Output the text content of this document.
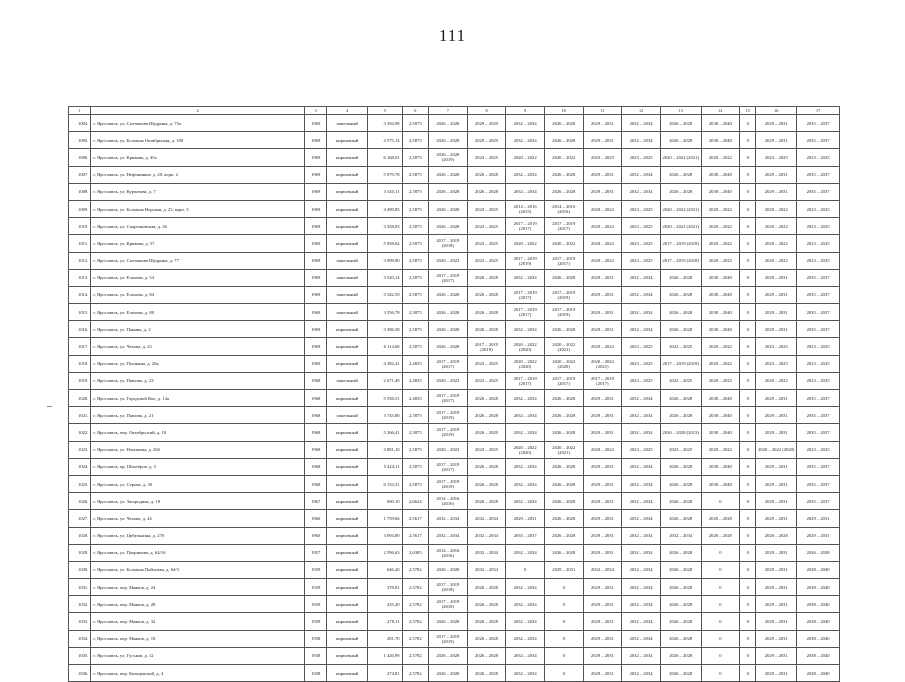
111
1	2	3	4	5	6	7	8	9	10	11	12	13	14	15	16	17
1004.	г. Ярославль, ул. Салтыкова-Щедрина, д. 75а	1969	панельный	3 594,98	2,5875	2026 – 2028	2029 – 2029	2032 – 2034	2026 – 2028	2029 – 2031	2032 – 2034	2026 – 2028	2038 – 2040	0	2029 – 2031	2035 – 2037
1005.	г. Ярославль, ул. Большая Октябрьская, д. 100	1969	кирпичный	4 575,14	2,5875	2026 – 2028	2029 – 2029	2032 – 2034	2026 – 2028	2029 – 2031	2032 – 2034	2026 – 2028	2038 – 2040	0	2029 – 2031	2035 – 2037
1006.	г. Ярославль, ул. Кривова, д. 45а	1969	кирпичный	6 168,01	2,5875	2026 – 2028 (2019)	2023 – 2025	2020 – 2022	2020 – 2022	2023 – 2025	2023 – 2025	2020 – 2022 (2021)	2020 – 2022	0	2023 – 2025	2023 – 2025
1007.	г. Ярославль, ул. Нефтяников, д. 20, корп. 2	1969	кирпичный	5 079,78	2,5875	2026 – 2028	2026 – 2028	2032 – 2034	2026 – 2028	2029 – 2031	2032 – 2034	2026 – 2028	2038 – 2040	0	2029 – 2031	2035 – 2037
1008.	г. Ярославль, ул. Курчатова, д. 7	1969	кирпичный	3 345,11	2,5875	2026 – 2028	2026 – 2028	2032 – 2034	2026 – 2028	2029 – 2031	2032 – 2034	2026 – 2028	2038 – 2040	0	2029 – 2031	2035 – 2037
1009.	г. Ярославль, ул. Большая Норская, д. 23, корп. 3	1969	кирпичный	4 490,85	2,5875	2026 – 2028	2023 – 2025	2014 – 2016 (2015)	2014 – 2016 (2016)	2020 – 2022	2023 – 2025	2020 – 2022 (2021)	2020 – 2022	0	2020 – 2022	2023 – 2025
1010.	г. Ярославль, ул. Спартаковская, д. 36	1969	кирпичный	3 358,03	2,5875	2026 – 2028	2023 – 2025	2017 – 2019 (2017)	2017 – 2019 (2017)	2020 – 2022	2023 – 2025	2020 – 2022 (2021)	2020 – 2022	0	2020 – 2022	2023 – 2025
1011.	г. Ярославль, ул. Кривова, д. 57	1969	кирпичный	5 958,62	2,5875	2017 – 2019 (2018)	2023 – 2025	2020 – 2022	2020 – 2022	2020 – 2022	2023 – 2025	2017 – 2019 (2018)	2020 – 2022	0	2020 – 2022	2023 – 2025
1012.	г. Ярославль, ул. Салтыкова-Щедрина, д. 77	1969	панельный	3 999,90	2,5875	2020 – 2022	2023 – 2025	2017 – 2019 (2019)	2017 – 2019 (2017)	2020 – 2022	2023 – 2025	2017 – 2019 (2018)	2020 – 2022	0	2020 – 2022	2023 – 2025
1013.	г. Ярославль, ул. Елохова, д. 54	1969	панельный	3 520,14	2,5875	2017 – 2019 (2017)	2026 – 2028	2032 – 2034	2026 – 2028	2029 – 2031	2032 – 2034	2026 – 2028	2038 – 2040	0	2029 – 2031	2035 – 2037
1014.	г. Ярославль, ул. Елохова, д. 84	1969	панельный	3 542,59	2,5875	2026 – 2028	2026 – 2028	2017 – 2019 (2017)	2017 – 2019 (2019)	2029 – 2031	2032 – 2034	2026 – 2028	2038 – 2040	0	2029 – 2031	2035 – 2037
1015.	г. Ярославль, ул. Елохова, д. 80	1969	панельный	3 556,78	2,5875	2026 – 2028	2026 – 2028	2017 – 2019 (2017)	2017 – 2019 (2019)	2029 – 2031	2032 – 2034	2026 – 2028	2038 – 2040	0	2029 – 2031	2035 – 2037
1016.	г. Ярославль, ул. Панина, д. 2	1969	кирпичный	3 386,58	2,5875	2026 – 2028	2026 – 2028	2032 – 2034	2026 – 2028	2029 – 2031	2032 – 2034	2026 – 2028	2038 – 2040	0	2029 – 2031	2035 – 2037
1017.	г. Ярославль, ул. Чехова, д. 23	1969	кирпичный	6 114,68	2,5875	2026 – 2028	2017 – 2019 (2018)	2020 – 2022 (2020)	2020 – 2022 (2021)	2020 – 2022	2023 – 2025	2023 – 2025	2020 – 2022	0	2023 – 2025	2023 – 2025
1018.	г. Ярославль, ул. Пушкина, д. 26а	1969	кирпичный	4 382,41	2,4835	2017 – 2019 (2017)	2023 – 2025	2020 – 2022 (2020)	2020 – 2022 (2020)	2020 – 2022 (2021)	2023 – 2025	2017 – 2019 (2019)	2020 – 2022	0	2023 – 2025	2023 – 2025
1019.	г. Ярославль, ул. Пашова, д. 23	1968	панельный	2 671,49	2,4835	2020 – 2022	2023 – 2025	2017 – 2019 (2017)	2017 – 2019 (2017)	2017 – 2019 (2017)	2023 – 2025	2023 – 2025	2020 – 2022	0	2020 – 2022	2023 – 2025
1020.	г. Ярославль, ул. Городской Вал, д. 14а	1968	кирпичный	5 556,51	2,4835	2017 – 2019 (2017)	2026 – 2028	2032 – 2034	2026 – 2028	2029 – 2031	2032 – 2034	2026 – 2028	2038 – 2040	0	2029 – 2031	2035 – 2037
1021.	г. Ярославль, ул. Пашова, д. 21	1968	панельный	3 743,80	2,5875	2017 – 2019 (2019)	2026 – 2028	2032 – 2034	2026 – 2028	2029 – 2031	2032 – 2034	2026 – 2028	2038 – 2040	0	2029 – 2031	2035 – 2037
1022.	г. Ярославль, пер. Октябрьский, д. 18	1968	кирпичный	5 266,41	2,5875	2017 – 2019 (2019)	2026 – 2029	2032 – 2034	2026 – 2028	2029 – 2031	2032 – 2034	2026 – 2028 (2013)	2038 – 2040	0	2029 – 2031	2035 – 2037
1023.	г. Ярославль, ул. Нахимова, д. 26б	1968	кирпичный	4 881,10	2,5875	2020 – 2022	2023 – 2025	2020 – 2022 (2020)	2020 – 2022 (2021)	2020 – 2022	2023 – 2025	2023 – 2025	2020 – 2022	0	2020 – 2022 (2020)	2023 – 2025
1024.	г. Ярославль, пр. Шахтёров, д. 5	1968	кирпичный	5 424,11	2,5875	2017 – 2019 (2017)	2026 – 2028	2032 – 2034	2026 – 2028	2029 – 2031	2032 – 2034	2026 – 2028	2038 – 2040	0	2029 – 2031	2035 – 2037
1025.	г. Ярославль, ул. Серова, д. 30	1968	кирпичный	6 153,31	2,5875	2017 – 2019 (2019)	2026 – 2028	2032 – 2034	2026 – 2028	2029 – 2031	2032 – 2034	2026 – 2028	2038 – 2040	0	2029 – 2031	2035 – 2037
1026.	г. Ярославль, ул. Загородная, д. 18	1967	кирпичный	690,10	2,6624	2014 – 2016 (2016)	2026 – 2028	2032 – 2034	2026 – 2028	2029 – 2031	2032 – 2034	2026 – 2028	0	0	2029 – 2031	2035 – 2037
1027.	г. Ярославль, ул. Чехова, д. 24	1960	кирпичный	1 759,84	2,5617	2032 – 2034	2032 – 2034	2029 – 2031	2026 – 2028	2029 – 2031	2032 – 2034	2026 – 2028	2026 – 2028	0	2029 – 2031	2029 – 2031
1028.	г. Ярославль, ул. Цибулькина, д. 27б	1960	кирпичный	3 094,80	2,5617	2032 – 2034	2032 – 2034	2035 – 2037	2026 – 2028	2029 – 2031	2032 – 2034	2032 – 2034	2026 – 2028	0	2026 – 2028	2029 – 2031
1029.	г. Ярославль, ул. Пахринова, д. 64/16	1957	кирпичный	2 596,63	2,6385	2014 – 2016 (2016)	2032 – 2034	2032 – 2034	2026 – 2028	2029 – 2031	2032 – 2034	2026 – 2028	0	0	2029 – 2031	2026 – 2028
1030.	г. Ярославль, ул. Большая Пойловка, д. 64/3	1939	кирпичный	646,20	2,5782	2026 – 2028	2032 – 2034	0	2029 – 2031	2032 – 2034	2032 – 2034	2026 – 2028	0	0	2029 – 2031	2038 – 2040
1031.	г. Ярославль, пер. Маяков, д. 24	1939	кирпичный	378,81	2,5782	2017 – 2019 (2018)	2026 – 2028	2032 – 2034	0	2029 – 2031	2032 – 2034	2026 – 2028	0	0	2029 – 2031	2038 – 2040
1032.	г. Ярославль, пер. Маяков, д. 28	1939	кирпичный	235,20	2,5782	2017 – 2019 (2018)	2026 – 2028	2032 – 2034	0	2029 – 2031	2032 – 2034	2026 – 2028	0	0	2029 – 2031	2038 – 2040
1033.	г. Ярославль, пер. Маяков, д. 32	1939	кирпичный	278,11	2,5782	2026 – 2028	2026 – 2028	2032 – 2034	0	2029 – 2031	2032 – 2034	2026 – 2028	0	0	2029 – 2031	2038 – 2040
1034.	г. Ярославль, пер. Маяков, д. 18	1938	кирпичный	281,70	2,5782	2017 – 2019 (2019)	2026 – 2028	2032 – 2034	0	2029 – 2031	2032 – 2034	2026 – 2028	0	0	2029 – 2031	2038 – 2040
1035.	г. Ярославль, ул. Гуськов, д. 12	1938	кирпичный	1 420,99	2,5782	2026 – 2028	2026 – 2028	2032 – 2034	0	2029 – 2031	2032 – 2034	2026 – 2028	0	0	2029 – 2031	2038 – 2040
1036.	г. Ярославль, пер. Кольцевской, д. 4	1938	кирпичный	274,81	2,5782	2026 – 2028	2026 – 2028	2032 – 2034	0	2029 – 2031	2032 – 2034	2026 – 2028	0	0	2029 – 2031	2038 – 2040
